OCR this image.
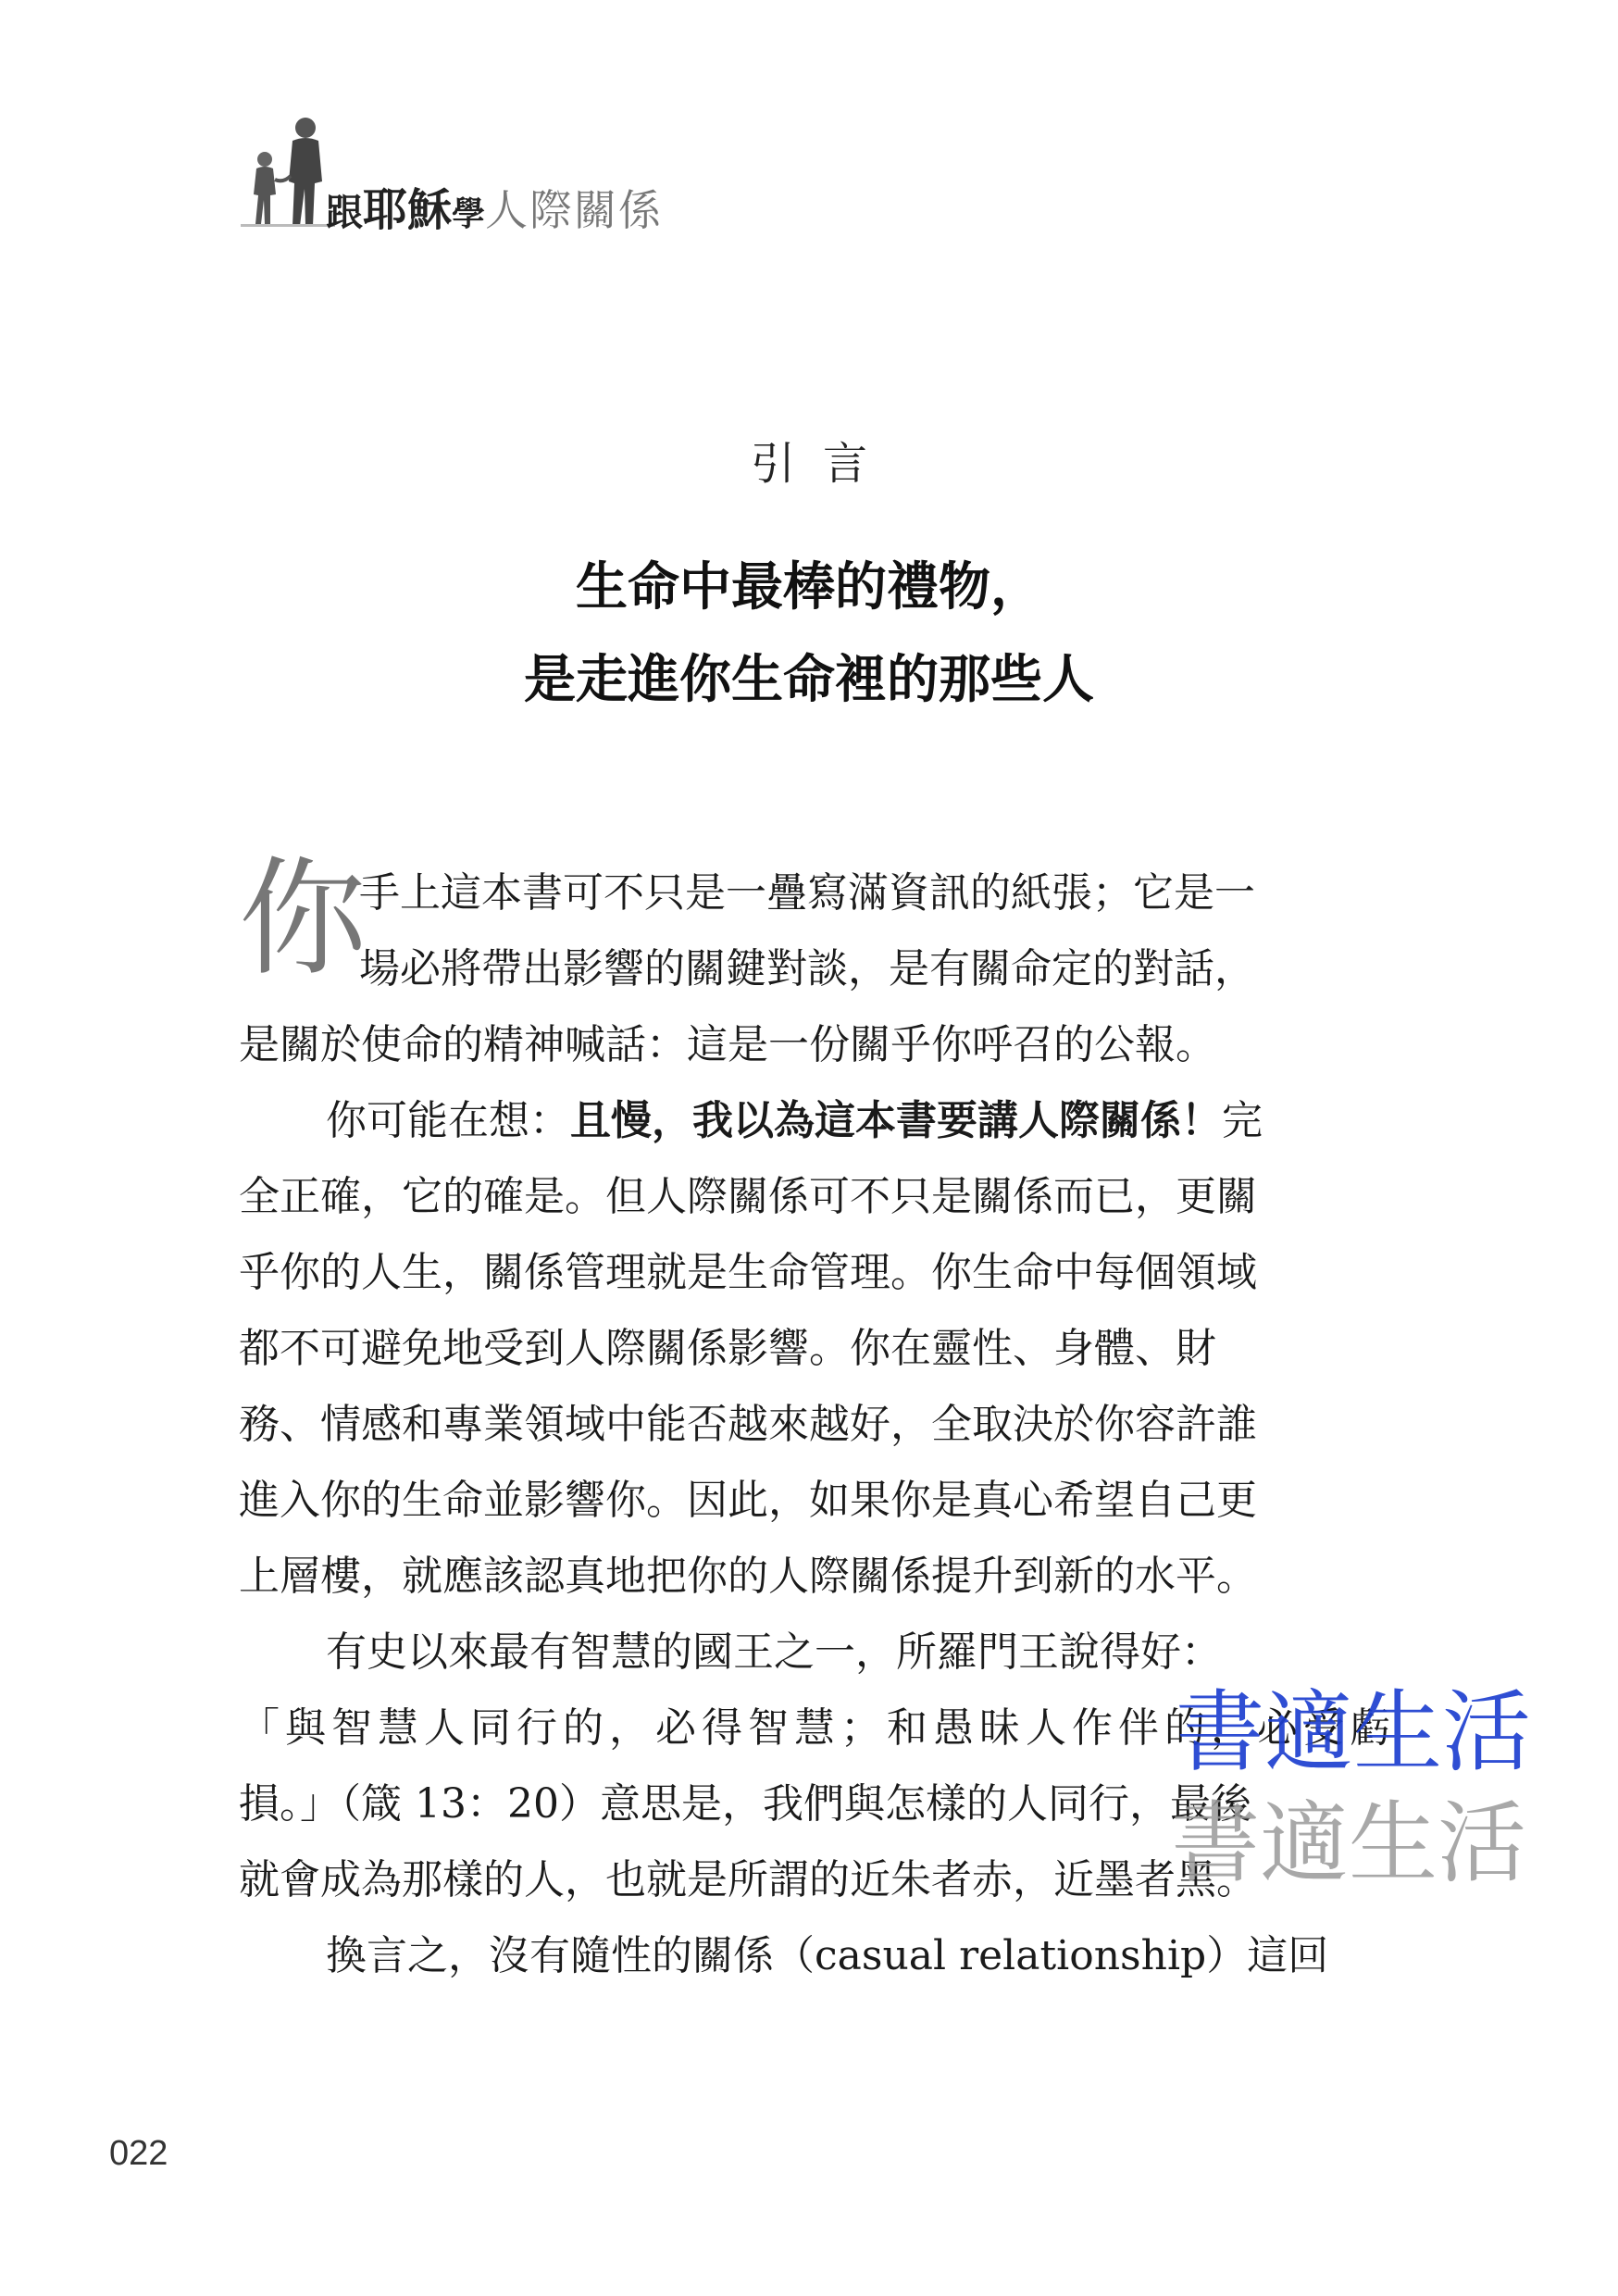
跟耶穌學人際關係
引言
生命中最棒的禮物，
是走進你生命裡的那些人
你
手上這本書可不只是一疊寫滿資訊的紙張；它是一
場必將帶出影響的關鍵對談，是有關命定的對話，
是關於使命的精神喊話：這是一份關乎你呼召的公報。
你可能在想：且慢，我以為這本書要講人際關係！完
全正確，它的確是。但人際關係可不只是關係而已，更關
乎你的人生，關係管理就是生命管理。你生命中每個領域
都不可避免地受到人際關係影響。你在靈性、身體、財
務、情感和專業領域中能否越來越好，全取決於你容許誰
進入你的生命並影響你。因此，如果你是真心希望自己更
上層樓，就應該認真地把你的人際關係提升到新的水平。
有史以來最有智慧的國王之一，所羅門王說得好：
「與智慧人同行的，必得智慧；和愚昧人作伴的，必受虧
損。」（箴 13：20）意思是，我們與怎樣的人同行，最後
就會成為那樣的人，也就是所謂的近朱者赤，近墨者黑。
換言之，沒有隨性的關係（casual relationship）這回
書適生活
書適生活
022
